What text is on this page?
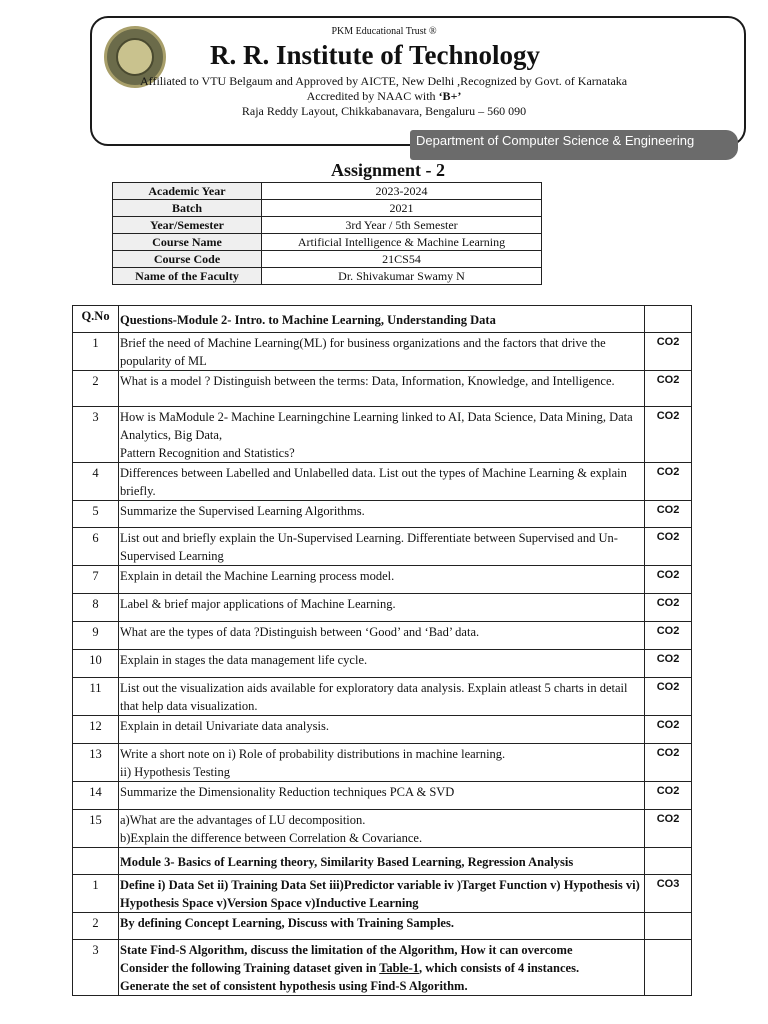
PKM Educational Trust ®
R. R. Institute of Technology
Affiliated to VTU Belgaum and Approved by AICTE, New Delhi ,Recognized by Govt. of Karnataka
Accredited by NAAC with ‘B+’
Raja Reddy Layout, Chikkabanavara, Bengaluru – 560 090
Department of Computer Science & Engineering
Assignment - 2
Academic Year	2023-2024
Batch	2021
Year/Semester	3rd Year / 5th Semester
Course Name	Artificial Intelligence & Machine Learning
Course Code	21CS54
Name of the Faculty	Dr. Shivakumar Swamy N
Q.No	Questions-Module 2- Intro. to Machine Learning, Understanding Data	
1	Brief the need of Machine Learning(ML) for business organizations and the factors that drive the popularity of ML	CO2
2	What is a model ? Distinguish between the terms: Data, Information, Knowledge, and Intelligence.	CO2
3	How is MaModule 2- Machine Learningchine Learning linked to AI, Data Science, Data Mining, Data Analytics, Big Data,
Pattern Recognition and Statistics?	CO2
4	Differences between Labelled and Unlabelled data. List out the types of Machine Learning & explain briefly.	CO2
5	Summarize the Supervised Learning Algorithms.	CO2
6	List out and briefly explain the Un-Supervised Learning. Differentiate between Supervised and Un-Supervised Learning	CO2
7	Explain in detail the Machine Learning process model.	CO2
8	Label & brief major applications of Machine Learning.	CO2
9	What are the types of data ?Distinguish between ‘Good’ and ‘Bad’ data.	CO2
10	Explain in stages the data management life cycle.	CO2
11	List out the visualization aids available for exploratory data analysis. Explain atleast 5 charts in detail that help data visualization.	CO2
12	Explain in detail Univariate data analysis.	CO2
13	Write a short note on i) Role of probability distributions in machine learning.
ii) Hypothesis Testing	CO2
14	Summarize the Dimensionality Reduction techniques PCA & SVD	CO2
15	a)What are the advantages of LU decomposition.
b)Explain the difference between Correlation & Covariance.	CO2
	Module 3- Basics of Learning theory, Similarity Based Learning, Regression Analysis	
1	Define i) Data Set ii) Training Data Set iii)Predictor variable iv )Target Function v) Hypothesis vi) Hypothesis Space v)Version Space v)Inductive Learning	CO3
2	By defining Concept Learning, Discuss with Training Samples.	
3	State Find-S Algorithm, discuss the limitation of the Algorithm, How it can overcome
Consider the following Training dataset given in Table-1, which consists of 4 instances.
Generate the set of consistent hypothesis using Find-S Algorithm.	
